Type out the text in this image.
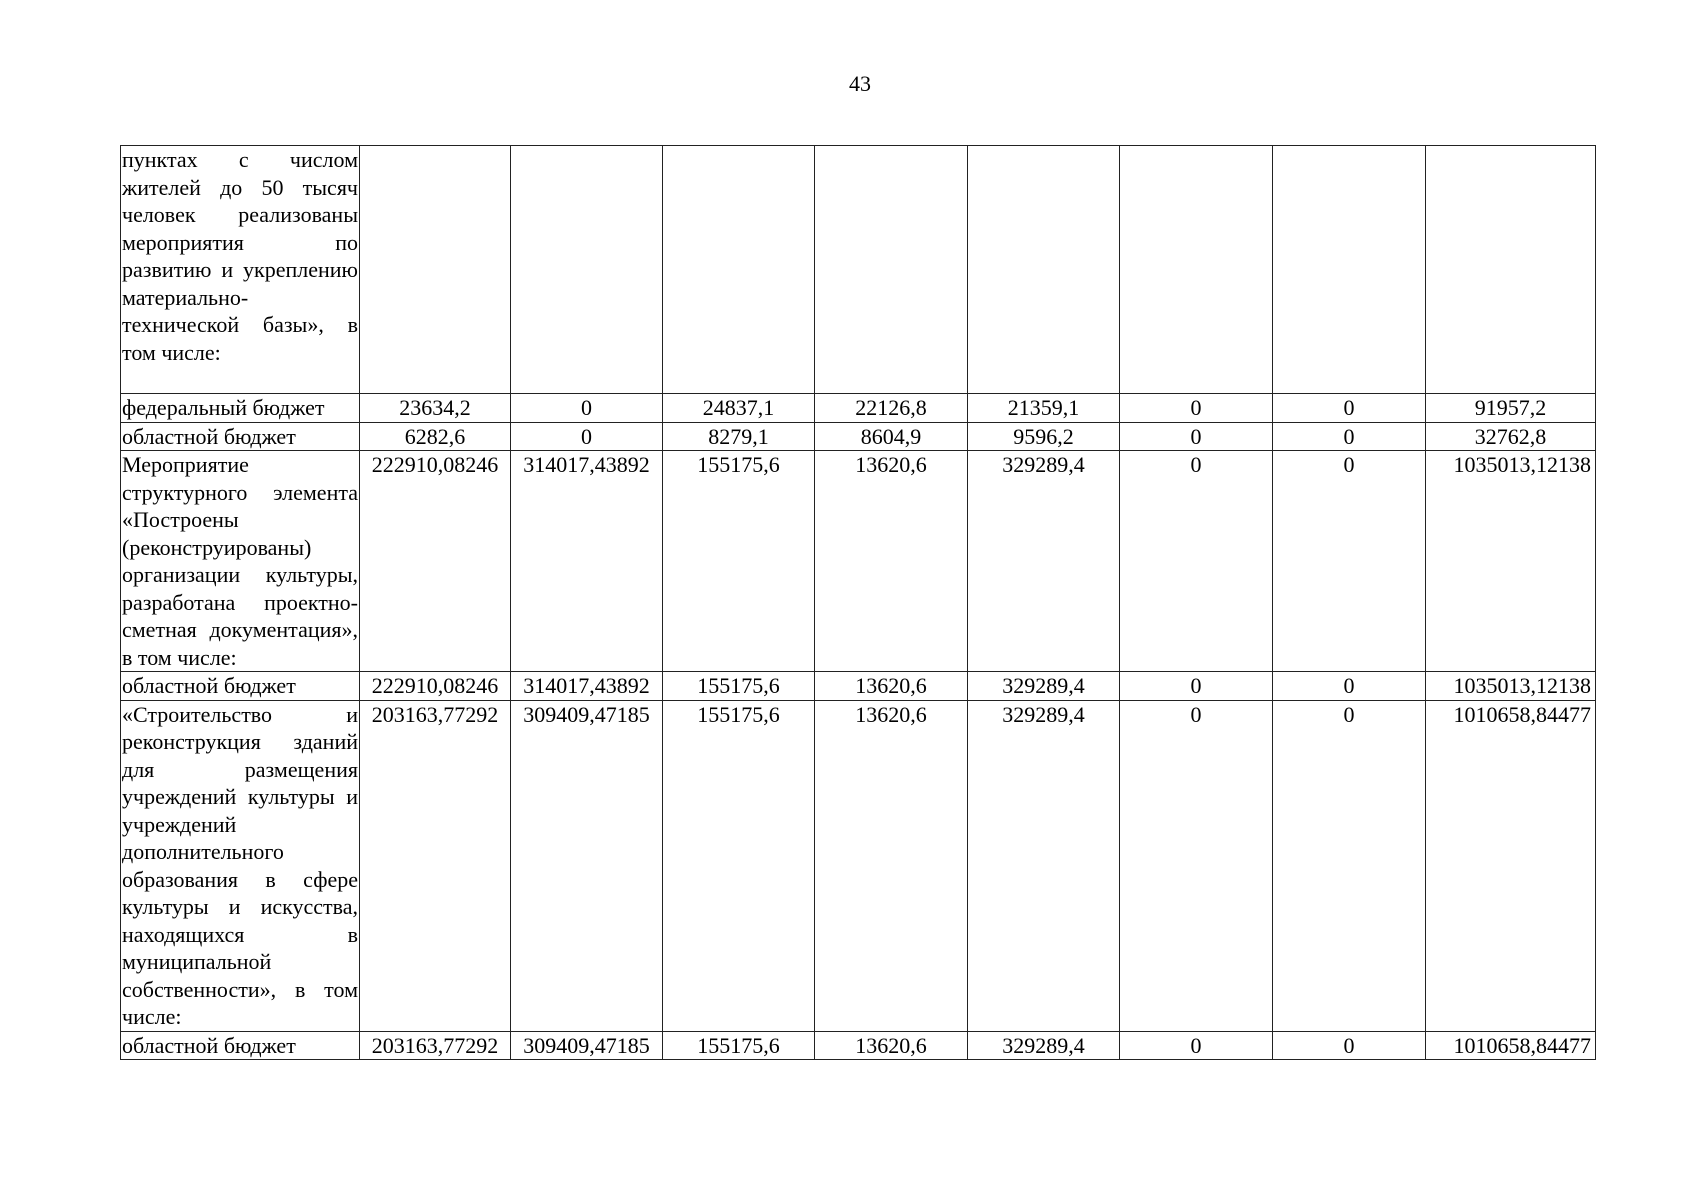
43
пунктах с числом жителей до 50 тысяч человек реализованы мероприятия по развитию и укреплению материально-технической базы», в том числе:								
федеральный бюджет	23634,2	0	24837,1	22126,8	21359,1	0	0	91957,2
областной бюджет	6282,6	0	8279,1	8604,9	9596,2	0	0	32762,8
Мероприятие структурного элемента «Построены (реконструированы) организации культуры, разработана проектно-сметная документация», в том числе:	222910,08246	314017,43892	155175,6	13620,6	329289,4	0	0	1035013,12138
областной бюджет	222910,08246	314017,43892	155175,6	13620,6	329289,4	0	0	1035013,12138
«Строительство и реконструкция зданий для размещения учреждений культуры и учреждений дополнительного образования в сфере культуры и искусства, находящихся в муниципальной собственности», в том числе:	203163,77292	309409,47185	155175,6	13620,6	329289,4	0	0	1010658,84477
областной бюджет	203163,77292	309409,47185	155175,6	13620,6	329289,4	0	0	1010658,84477
